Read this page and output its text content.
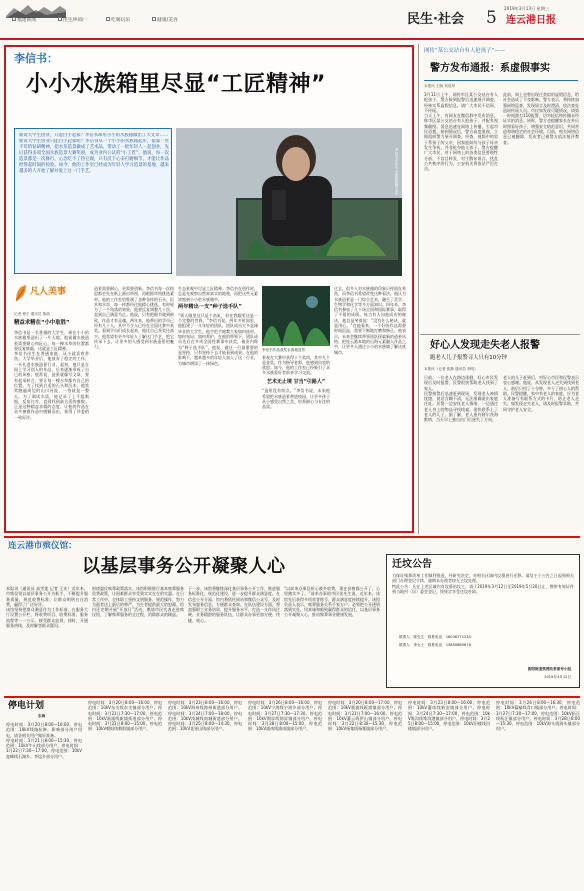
福建新闻	民生/纠纷	吃喝玩乐	健康/美食	民生·社会 5 2019年3月13日 星期三
连云港日报
李信书：
小小水族箱里尽显“工匠精神”
谁说大学生创业，只能白手起家？李信书却用小小的水族箱做出了大文章……
谁说大学生创业只能白手起家呢？李信书从一个小小的水族箱起步，依靠一丝不苟的钻研精神，把水草造景做成了艺术品，带动了一批年轻人一起创业，先后获得多项全国水族造景大赛奖项，成为业内公认的“小工匠”。他说，每一次造景都是一次修行，心急吃不了热豆腐，只有沉下心来打磨细节，才能让作品经得起时间的检验。如今，他的工作室已经成为年轻人学习造景的基地，越来越多的人开始了解并爱上这一门手艺。	李信书正在为水族箱修整水草
凡人美事
记者 程宇 通讯员 陈丽
精益求精在“小中取胜”
李信书是一名普通的大学生，却在小小的水族箱里造出了一片天地。他说做水族造景需要耐心和匠心，每一棵水草的位置都要反复推敲，这就是工匠精神。
李信书出生在普通家庭，从小就喜欢养鱼。大学毕业后，他放弃了稳定的工作，一头扎进水族造景行业。起初，他只是在网上学习别人的作品，后来逐渐形成了自己的风格。他常说，造景就像写文章，要有起承转合，要让每一棵水草都有自己的位置。为了找到合适的石头和沉木，他常常跑遍周边的山川河流，一待就是一整天。为了调试水质，他记录了上千组数据，反复比对，直到找到最合适的参数。正是这种精益求精的态度，让他的作品在众多参赛作品中脱颖而出，获得了评委的一致好评。
造景需要耐心，更需要创新。李信书每一次构思都会先在纸上画出草图，再根据草图挑选素材。他的工作室里堆满了各种各样的石头、沉木和水草，每一样都经过他精心挑选。有时候为了一个角落的效果，他要反复调整几十次，直到自己满意为止。他说，只有把细节做到极致，作品才有灵魂。两年来，他带出的学员已经有几十人，其中不少人已经在全国比赛中获奖。看到学员们成长起来，他比自己获奖还高兴。他希望有更多年轻人了解这门手艺，把它传承下去，让更多的人感受到水族造景的魅力。
生态景观中尽显工匠精神。李信书在创作时，总是先观察自然界真实的地貌，再把这些元素浓缩到小小的水族箱中。
两年精出一支“种子选手队”
“别人眼里这只是个鱼缸，但在我眼里这是一个完整的世界。”李信书说。两年多时间里，他组建了一支年轻的团队，团队成员大多是刚毕业的大学生，他手把手地教大家如何选材、如何布局、如何养护。在他的带领下，团队成员先后在多项全国性赛事中获奖，被业内称为“种子选手队”。他说，做这一行最重要的是坚持，只有坚持下去才能看到成果。在他的影响下，越来越多的年轻人加入了这一行业，为城市增添了一抹绿色。
李信书作品获奖水族箱造景
景观在大赛中获得十个奖项，其中九个是金奖。作为指导老师，他感到由衷的欣慰。如今，他的工作室已经吸引了众多水族爱好者前来学习交流。
艺术无止境 甘当“引路人”
“造景没有终点。”李信书说，未来他希望把水族造景带进校园，让更多孩子从小感受自然之美，培养耐心与专注的品质。
过去，很多人对水族箱的印象只停留在养鱼，而李信书希望改变这种看法。他认为水族造景是一门综合艺术，融合了美学、生物学和化学等多方面知识。四年来，李信书参加了几十场全国和国际赛事，取得了不错的成绩。每当有人问他成功的秘诀，他总是笑着说：“没有什么秘诀，就是用心。”在他看来，一个好的作品需要时间沉淀，需要不断地打磨和修正。他表示，未来会继续带领团队探索新的造景风格，把连云港本地的山海元素融入作品之中，让更多人通过小小的水族箱了解这座城市。
网传“某公交站台有人抢孩子”——
警方发布通报：系虚假事实
本报讯 王晓 刘成军
3月11日上午，网传市区某公交站台有人抢孩子，警方接到报警后迅速展开调查，经核实系虚假信息，请广大市民不信谣、不传谣。
当天上午，有网友在微信群中发布消息，称市区某公交站台有人抢孩子，并配有视频截图。消息迅速在网络上传播，引起市民恐慌。接到情况后，警方高度重视，立即组织警力展开调查。经查，视频中的男子系孩子的父亲，因家庭纠纷与孩子母亲发生争执，并非抢夺他人孩子。警方提醒广大市民，对于网络上的各类信息要理性分析，不盲目转发，对于散布谣言、扰乱公共秩序的行为，公安机关将依法严厉打击。
此前，网上也曾出现过类似的虚假信息，给社会造成了不良影响。警方表示，将持续加强网络巡查，发现谣言及时澄清，依法查处造谣传谣人员。市民如发现可疑情况，请第一时间拨打110报警，切勿轻信和传播未经证实的消息。同时，警方也提醒家长在外出时照看好孩子，增强安全防范意识，共同营造和谐稳定的社会环境。目前，相关网络信息已被删除，发布者已被警方依法批评教育。
好心人发现走失老人报警
跑老人儿子报警寻人只有10分钟
本报讯（记者 张静 通讯员 李明）
日前，一位老人在路边徘徊，好心市民发现后及时报警，民警很快帮助老人找到了家人。
民警接警后迅速赶到现场，发现老人神情恍惚，说话含糊不清，无法准确说出家庭住址。民警一边安抚老人情绪，一边通过老人身上的物品寻找线索，很快联系上了老人的儿子。据了解，老人患有阿尔茨海默病，当天早上独自出门后迷失了方向。
老人的儿子赶到后，对好心市民和民警表示衷心感谢。他说，从发现老人走失到找到老人，前后只用了十分钟，多亏了热心人的帮助。民警提醒，家中有老人的家庭，应为老人准备写有联系方式的卡片，防止老人走失。如发现走失老人，请及时报警求助，共同守护老人安全。
连云港市殡仪馆：
以基层事务公开凝聚人心
本报讯（通讯员 高雪莲 记者 王宏）近年来，市殡仪馆以基层事务公开为抓手，不断提升服务质量，规范收费标准，让群众明明白白消费，赢得了广泛好评。
该馆坚持把群众满意作为工作标准，在服务大厅设置公开栏，将收费项目、收费标准、服务流程等一一公示，接受群众监督。同时，开通服务热线，及时解答群众疑问。
围绕惠民殡葬政策落实，该馆积极推行基本殡葬服务免费政策，让困难群众享受到实实在在的实惠。在日常工作中，全体职工坚持文明服务、规范操作，努力为逝者送上最后的尊严，为生者提供最大的慰藉。馆内还定期开展“开放日”活动，邀请市民代表走进殡仪馆，了解殡葬服务的全过程，消除群众的顾虑。
下一步，该馆将继续深化基层事务公开工作，推进服务标准化、规范化建设，进一步提升群众满意度。在信息公开方面，馆内将依托网站和微信公众号，及时发布服务信息，方便群众查询。在队伍建设方面，将加强职工业务培训，提升服务水平，打造一支作风过硬、业务精湛的服务队伍，让群众办事更加方便、快捷、放心。
“以前来办事总担心被多收费，现在价格都公开了，心里踏实多了。”前来办事的市民张先生说。近年来，该馆先后获得多项荣誉称号，群众满意度持续提升。该馆负责人表示，殡葬服务关系千家万户，必须把公开透明落到实处，用真诚和细致赢得群众的信任，以基层事务公开凝聚人心，推动殡葬事业健康发展。
迁坟公告
为保证殡葬改革工作顺利推进，经研究决定，对相关区域内坟墓进行迁移，请坟主于公告之日起到相关部门办理登记手续，逾期未办理者按无主坟处理。
特此公告：凡在上述区域内有坟墓的坟主，请于2019年3月12日至2019年5月20日止，携带有效证件到当地村（居）委会登记，按规定享受迁坟补助。
联系人：陈先生　 联系电话：18036771234
联系人：李女士　 联系电话：15850685678
朐阳街道殡葬改革领导小组
2019年3月12日
停电计划
东海
停电时间：3月20日8:00—16:00，停电范围：10kV线路检修，影响部分用户用电，请各相关用户做好准备。
停电时间：3月21日8:00—15:30，停电范围：10kV牛山线部分用户。停电时间：3月22日7:30—17:00，停电范围：10kV驼峰线石湖乡、李埝乡部分用户。
停电时间：3月20日8:00—16:00，停电范围：10kV东关线东关镇部分用户。停电时间：3月21日7:30—17:00，停电范围：10kV新浦线新浦街道部分用户。停电时间：3月22日8:00—15:00，停电范围：10kV朝阳线朝阳镇部分用户。
停电时间：3月23日8:00—16:00，停电范围：10kV海州线海州街道部分用户。停电时间：3月24日7:00—18:00，停电范围：10kV南城线南城街道部分用户。停电时间：3月25日8:00—14:30，停电范围：10kV花果山线部分用户。
停电时间：3月26日8:00—16:00，停电范围：10kV宁海线宁海乡部分用户。停电时间：3月27日7:30—17:30，停电范围：10kV锦屏线锦屏镇部分用户。停电时间：3月28日8:00—15:00，停电范围：10kV浦南线浦南镇部分用户。
停电时间：3月20日8:00—17:00，停电范围：10kV板浦线板浦镇部分用户。停电时间：3月21日7:00—16:00，停电范围：10kV灌云线伊山镇部分用户。停电时间：3月22日8:30—15:30，停电范围：10kV杨集线杨集镇部分用户。
停电时间：3月23日8:00—16:00，停电范围：10kV灌南线新安镇部分用户。停电时间：3月24日7:30—17:00，停电范围：10kV堆沟线堆沟港镇部分用户。停电时间：3月25日8:00—15:00，停电范围：10kV田楼线田楼镇部分用户。
停电时间：3月26日8:00—16:30，停电范围：10kV赣榆线青口镇部分用户。停电时间：3月27日7:30—17:00，停电范围：10kV柘汪线柘汪镇部分用户。停电时间：3月28日8:00—15:30，停电范围：10kV海头线海头镇部分用户。
